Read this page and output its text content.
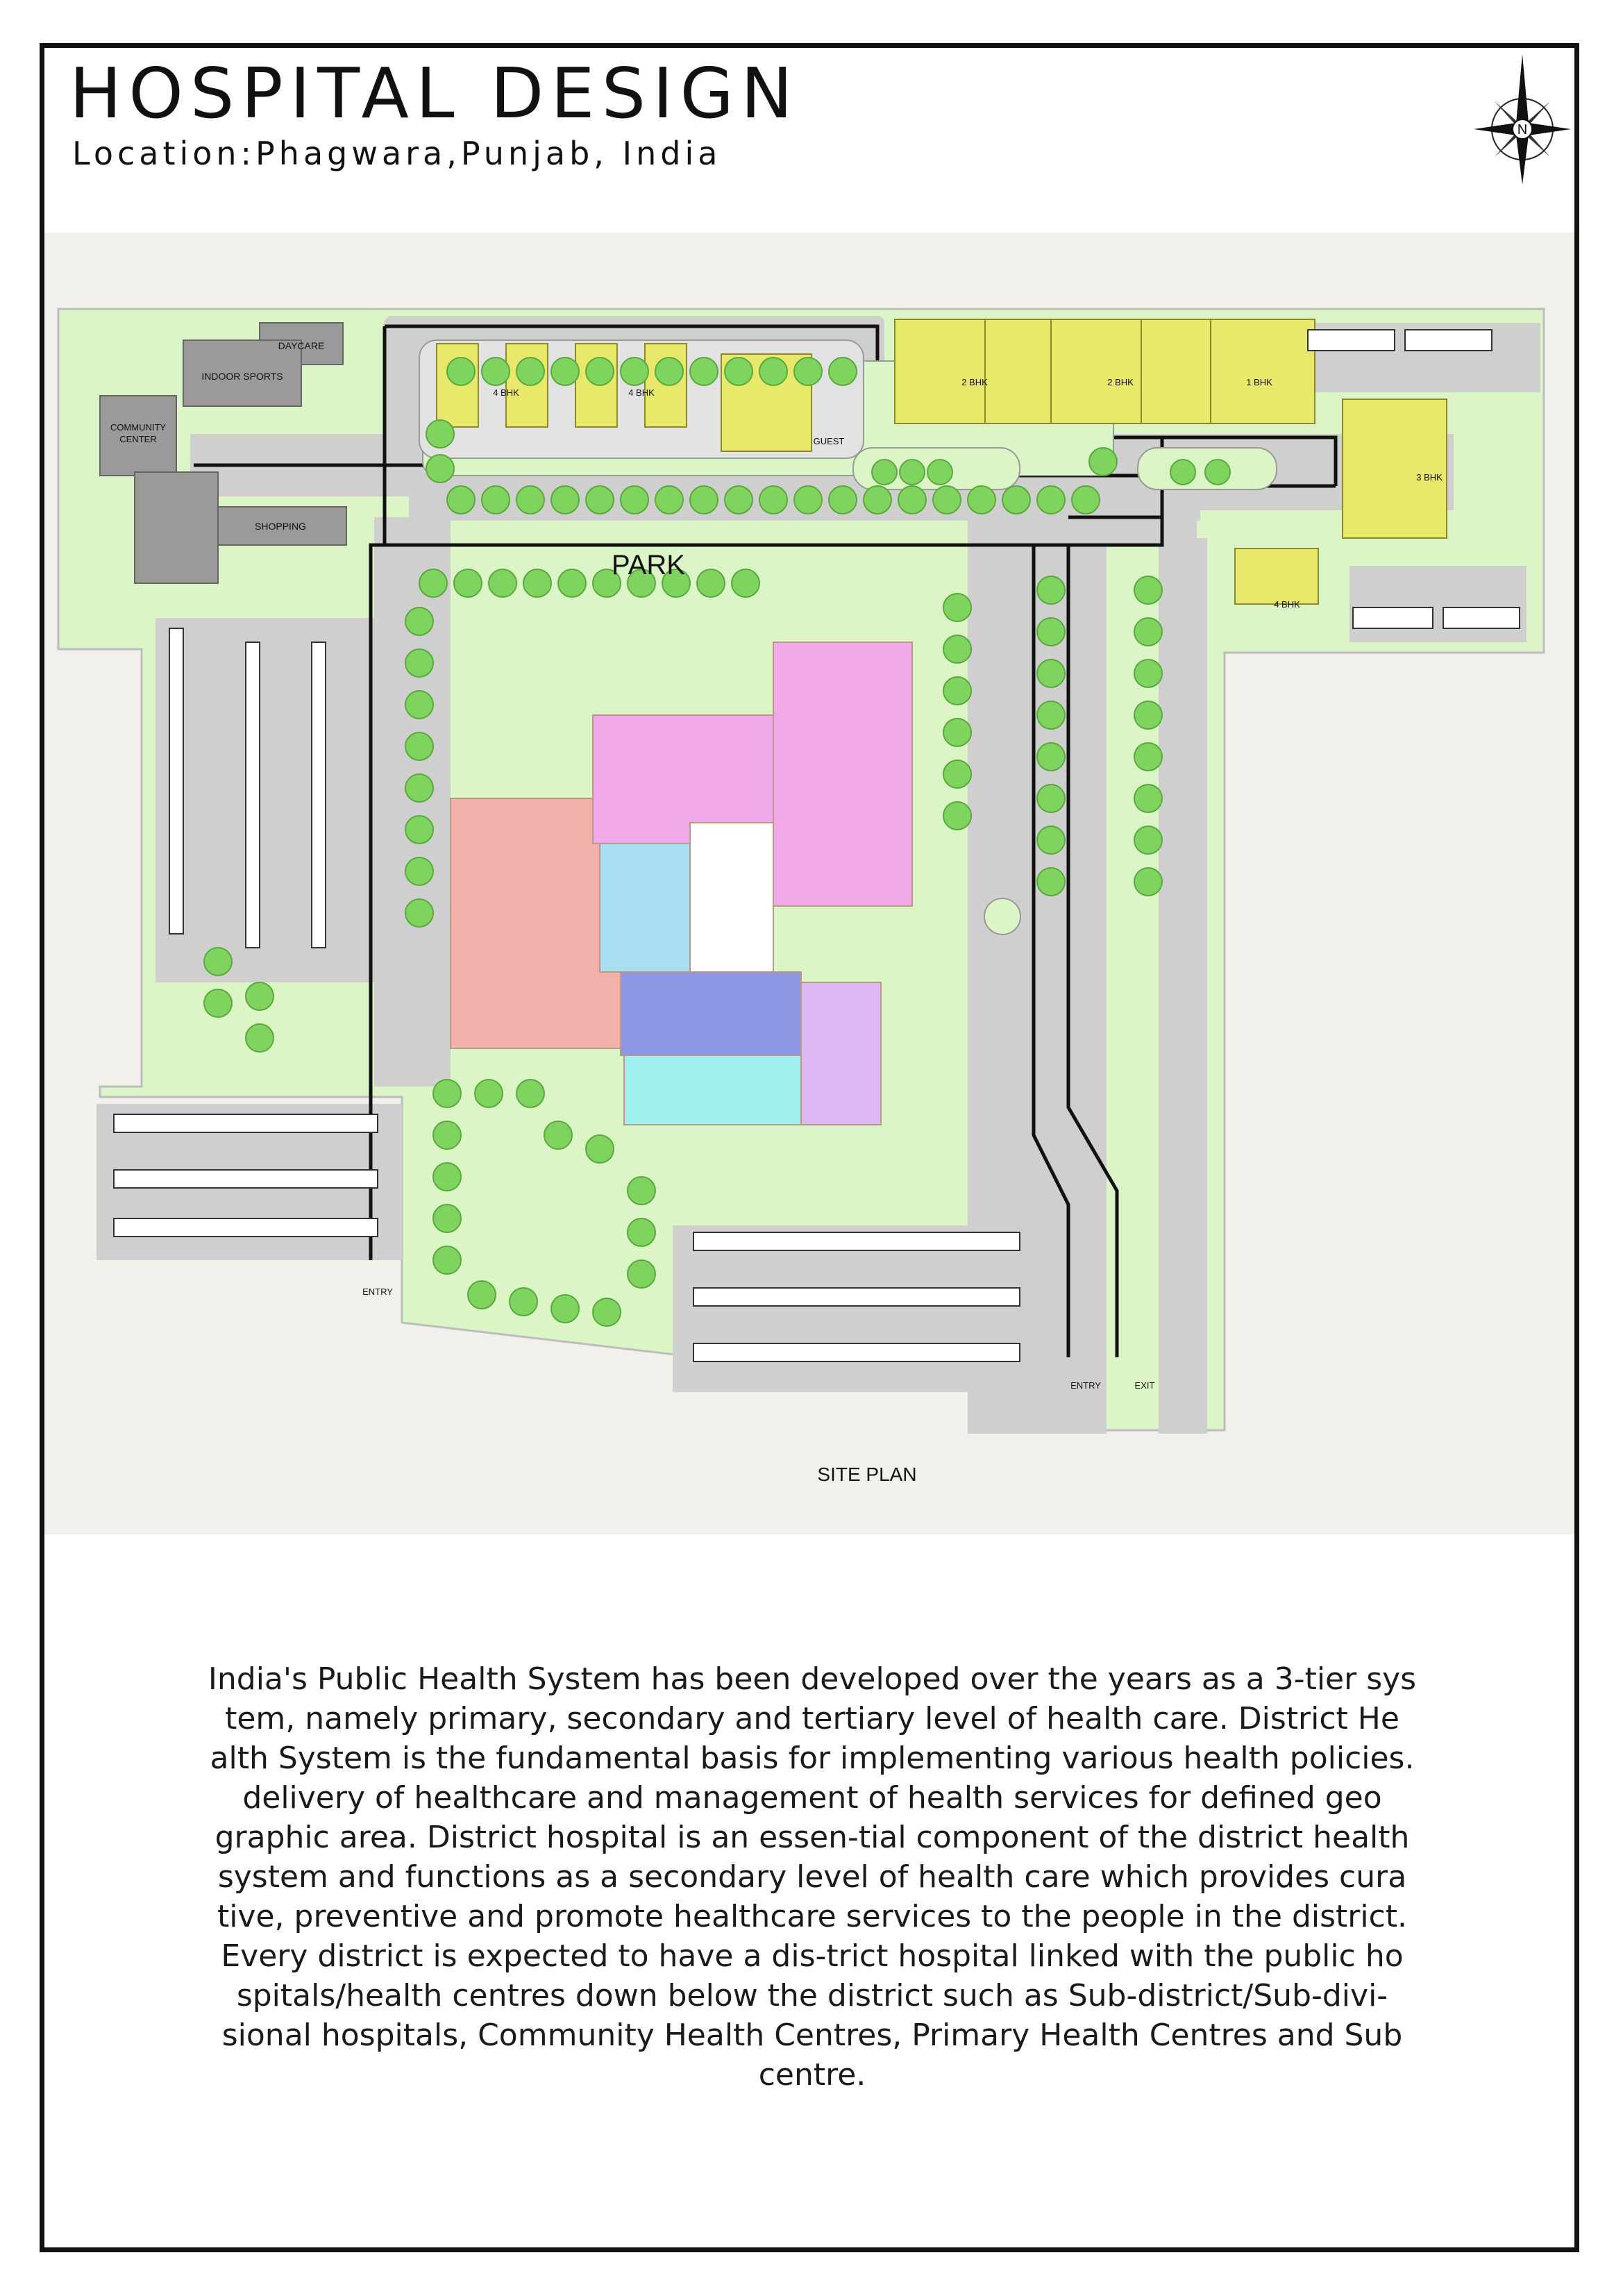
HOSPITAL DESIGN
Location:Phagwara,Punjab, India
N
DAYCARE
INDOOR SPORTS
COMMUNITY
CENTER
SHOPPING
PARK
GUEST
4 BHK	4 BHK
2 BHK	2 BHK	1 BHK
3 BHK
4 BHK
ENTRY
ENTRY	EXIT
SITE PLAN
India's Public Health System has been developed over the years as a 3-tier sys
tem, namely primary, secondary and tertiary level of health care. District He
alth System is the fundamental basis for implementing various health policies.
delivery of healthcare and management of health services for defined geo
graphic area. District hospital is an essen-tial component of the district health
system and functions as a secondary level of health care which provides cura
tive, preventive and promote healthcare services to the people in the district.
Every district is expected to have a dis-trict hospital linked with the public ho
spitals/health centres down below the district such as Sub-district/Sub-divi-
sional hospitals, Community Health Centres, Primary Health Centres and Sub
centre.
